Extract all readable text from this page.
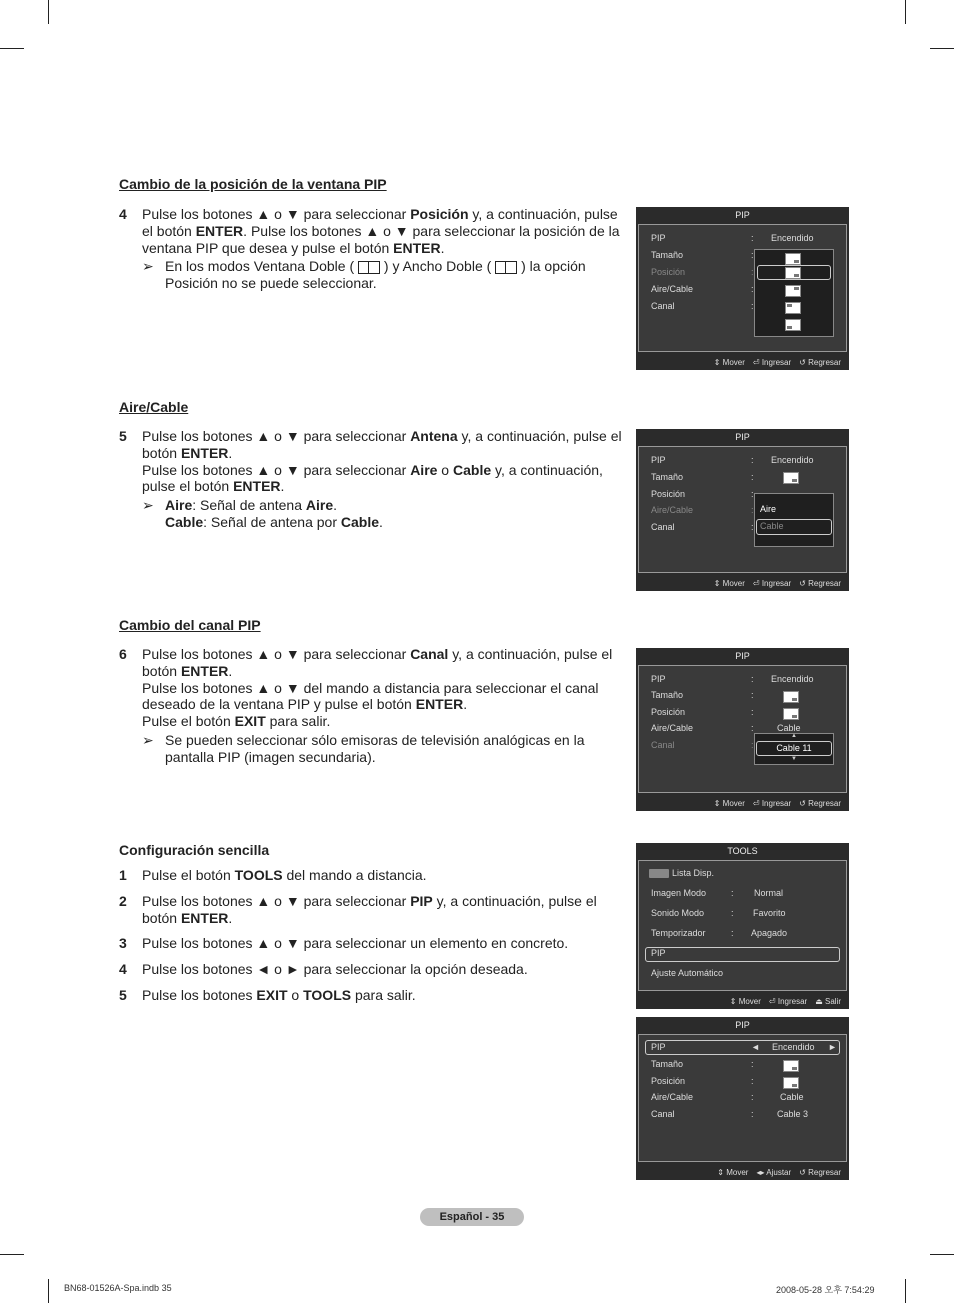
Cambio de la posición de la ventana PIP
4 Pulse los botones ▲ o ▼ para seleccionar Posición y, a continuación, pulse el botón ENTER. Pulse los botones ▲ o ▼ para seleccionar la posición de la ventana PIP que desea y pulse el botón ENTER.
➢ En los modos Ventana Doble ( ) y Ancho Doble ( ) la opción Posición no se puede seleccionar.
PIP
PIP	: Encendido
Tamaño	:
Posición	:
Aire/Cable	:
Canal	:
⇕ Mover ⏎ Ingresar ↺ Regresar
Aire/Cable
5 Pulse los botones ▲ o ▼ para seleccionar Antena y, a continuación, pulse el botón ENTER.
Pulse los botones ▲ o ▼ para seleccionar Aire o Cable y, a continuación, pulse el botón ENTER.
➢ Aire: Señal de antena Aire.
Cable: Señal de antena por Cable.
PIP
PIP	: Encendido
Tamaño	:
Posición	:
Aire/Cable	:
Canal	:
Aire
Cable
⇕ Mover ⏎ Ingresar ↺ Regresar
Cambio del canal PIP
6 Pulse los botones ▲ o ▼ para seleccionar Canal y, a continuación, pulse el botón ENTER.
Pulse los botones ▲ o ▼ del mando a distancia para seleccionar el canal deseado de la ventana PIP y pulse el botón ENTER.
Pulse el botón EXIT para salir.
➢ Se pueden seleccionar sólo emisoras de televisión analógicas en la pantalla PIP (imagen secundaria).
PIP
PIP	: Encendido
Tamaño	:
Posición	:
Aire/Cable	:	Cable
Canal	:
▲
Cable 11
▼
⇕ Mover ⏎ Ingresar ↺ Regresar
Configuración sencilla
1 Pulse el botón TOOLS del mando a distancia.
2 Pulse los botones ▲ o ▼ para seleccionar PIP y, a continuación, pulse el botón ENTER.
3 Pulse los botones ▲ o ▼ para seleccionar un elemento en concreto.
4 Pulse los botones ◄ o ► para seleccionar la opción deseada.
5 Pulse los botones EXIT o TOOLS para salir.
TOOLS
Lista Disp.
Imagen Modo	: Normal
Sonido Modo	: Favorito
Temporizador	: Apagado
PIP
Ajuste Automático
⇕ Mover ⏎ Ingresar ⏏ Salir
PIP
PIP	◄ Encendido ►
Tamaño	:
Posición	:
Aire/Cable	:	Cable
Canal	:	Cable 3
⇕ Mover ◂▸ Ajustar ↺ Regresar
Español - 35
BN68-01526A-Spa.indb 35	2008-05-28 오후 7:54:29
